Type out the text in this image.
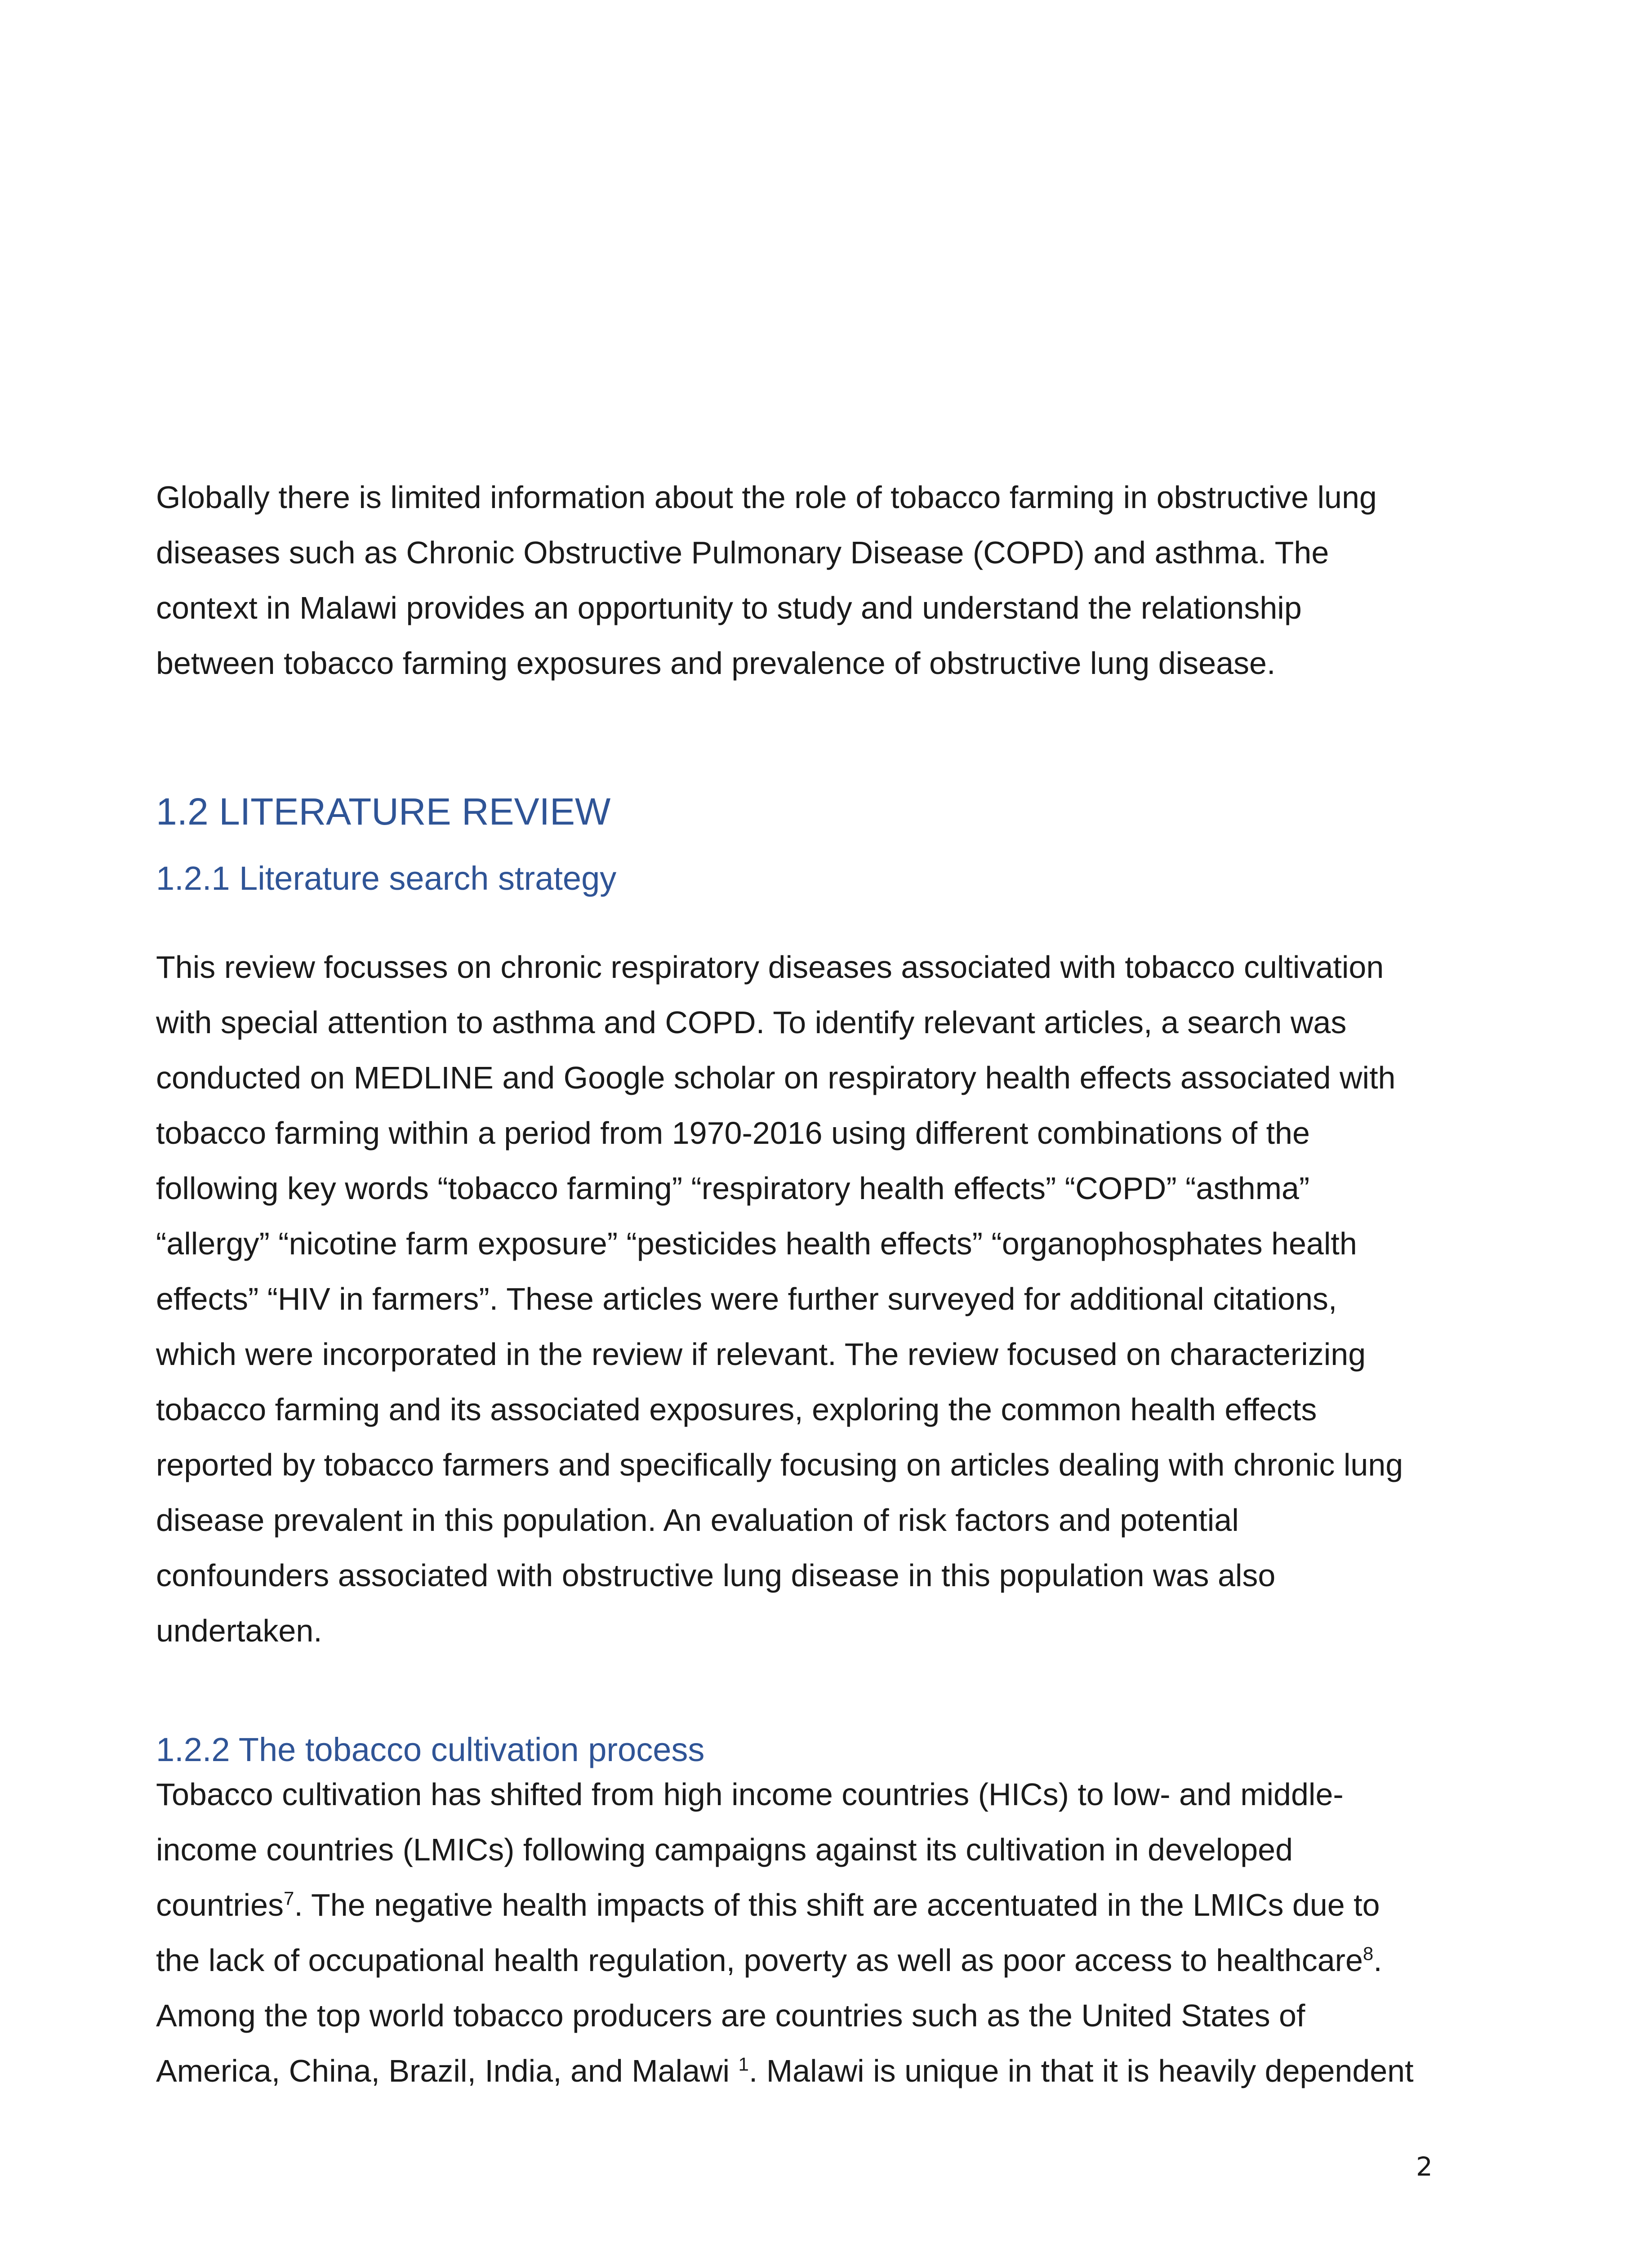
Globally there is limited information about the role of tobacco farming in obstructive lung
diseases such as Chronic Obstructive Pulmonary Disease (COPD) and asthma. The
context in Malawi provides an opportunity to study and understand the relationship
between tobacco farming exposures and prevalence of obstructive lung disease.

1.2 LITERATURE REVIEW
1.2.1 Literature search strategy

This review focusses on chronic respiratory diseases associated with tobacco cultivation
with special attention to asthma and COPD. To identify relevant articles, a search was
conducted on MEDLINE and Google scholar on respiratory health effects associated with
tobacco farming within a period from 1970-2016 using different combinations of the
following key words “tobacco farming” “respiratory health effects” “COPD” “asthma”
“allergy” “nicotine farm exposure” “pesticides health effects” “organophosphates health
effects” “HIV in farmers”. These articles were further surveyed for additional citations,
which were incorporated in the review if relevant. The review focused on characterizing
tobacco farming and its associated exposures, exploring the common health effects
reported by tobacco farmers and specifically focusing on articles dealing with chronic lung
disease prevalent in this population. An evaluation of risk factors and potential
confounders associated with obstructive lung disease in this population was also
undertaken.

1.2.2 The tobacco cultivation process

Tobacco cultivation has shifted from high income countries (HICs) to low- and middle-
income countries (LMICs) following campaigns against its cultivation in developed
countries$^7$. The negative health impacts of this shift are accentuated in the LMICs due to
the lack of occupational health regulation, poverty as well as poor access to healthcare$^8$.
Among the top world tobacco producers are countries such as the United States of
America, China, Brazil, India, and Malawi $^1$. Malawi is unique in that it is heavily dependent

2
